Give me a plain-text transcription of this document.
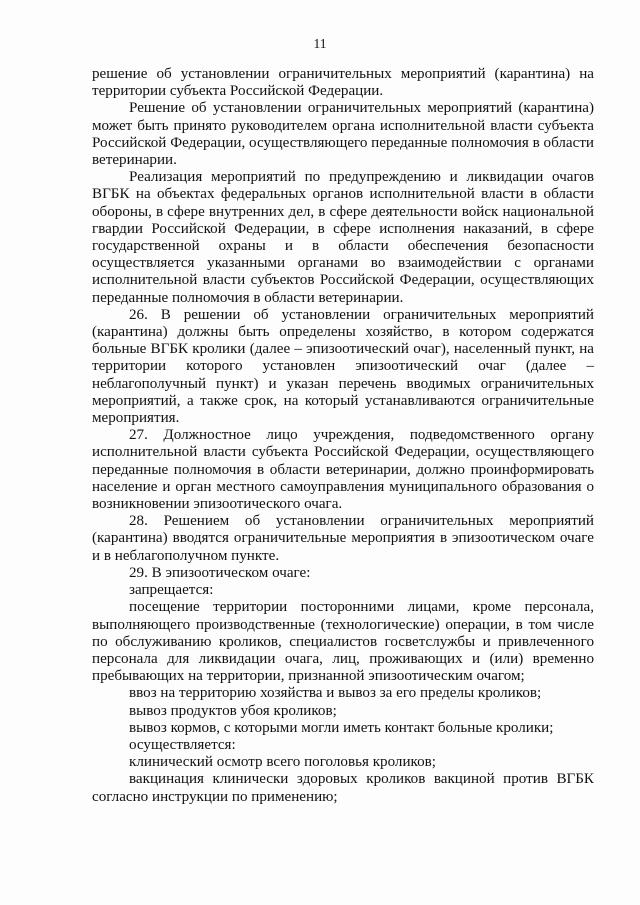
11

решение об установлении ограничительных мероприятий (карантина) на территории субъекта Российской Федерации.

Решение об установлении ограничительных мероприятий (карантина) может быть принято руководителем органа исполнительной власти субъекта Российской Федерации, осуществляющего переданные полномочия в области ветеринарии.

Реализация мероприятий по предупреждению и ликвидации очагов ВГБК на объектах федеральных органов исполнительной власти в области обороны, в сфере внутренних дел, в сфере деятельности войск национальной гвардии Российской Федерации, в сфере исполнения наказаний, в сфере государственной охраны и в области обеспечения безопасности осуществляется указанными органами во взаимодействии с органами исполнительной власти субъектов Российской Федерации, осуществляющих переданные полномочия в области ветеринарии.

26. В решении об установлении ограничительных мероприятий (карантина) должны быть определены хозяйство, в котором содержатся больные ВГБК кролики (далее – эпизоотический очаг), населенный пункт, на территории которого установлен эпизоотический очаг (далее – неблагополучный пункт) и указан перечень вводимых ограничительных мероприятий, а также срок, на который устанавливаются ограничительные мероприятия.

27. Должностное лицо учреждения, подведомственного органу исполнительной власти субъекта Российской Федерации, осуществляющего переданные полномочия в области ветеринарии, должно проинформировать население и орган местного самоуправления муниципального образования о возникновении эпизоотического очага.

28. Решением об установлении ограничительных мероприятий (карантина) вводятся ограничительные мероприятия в эпизоотическом очаге и в неблагополучном пункте.

29. В эпизоотическом очаге:

запрещается:

посещение территории посторонними лицами, кроме персонала, выполняющего производственные (технологические) операции, в том числе по обслуживанию кроликов, специалистов госветслужбы и привлеченного персонала для ликвидации очага, лиц, проживающих и (или) временно пребывающих на территории, признанной эпизоотическим очагом;

ввоз на территорию хозяйства и вывоз за его пределы кроликов;

вывоз продуктов убоя кроликов;

вывоз кормов, с которыми могли иметь контакт больные кролики;

осуществляется:

клинический осмотр всего поголовья кроликов;

вакцинация клинически здоровых кроликов вакциной против ВГБК согласно инструкции по применению;
